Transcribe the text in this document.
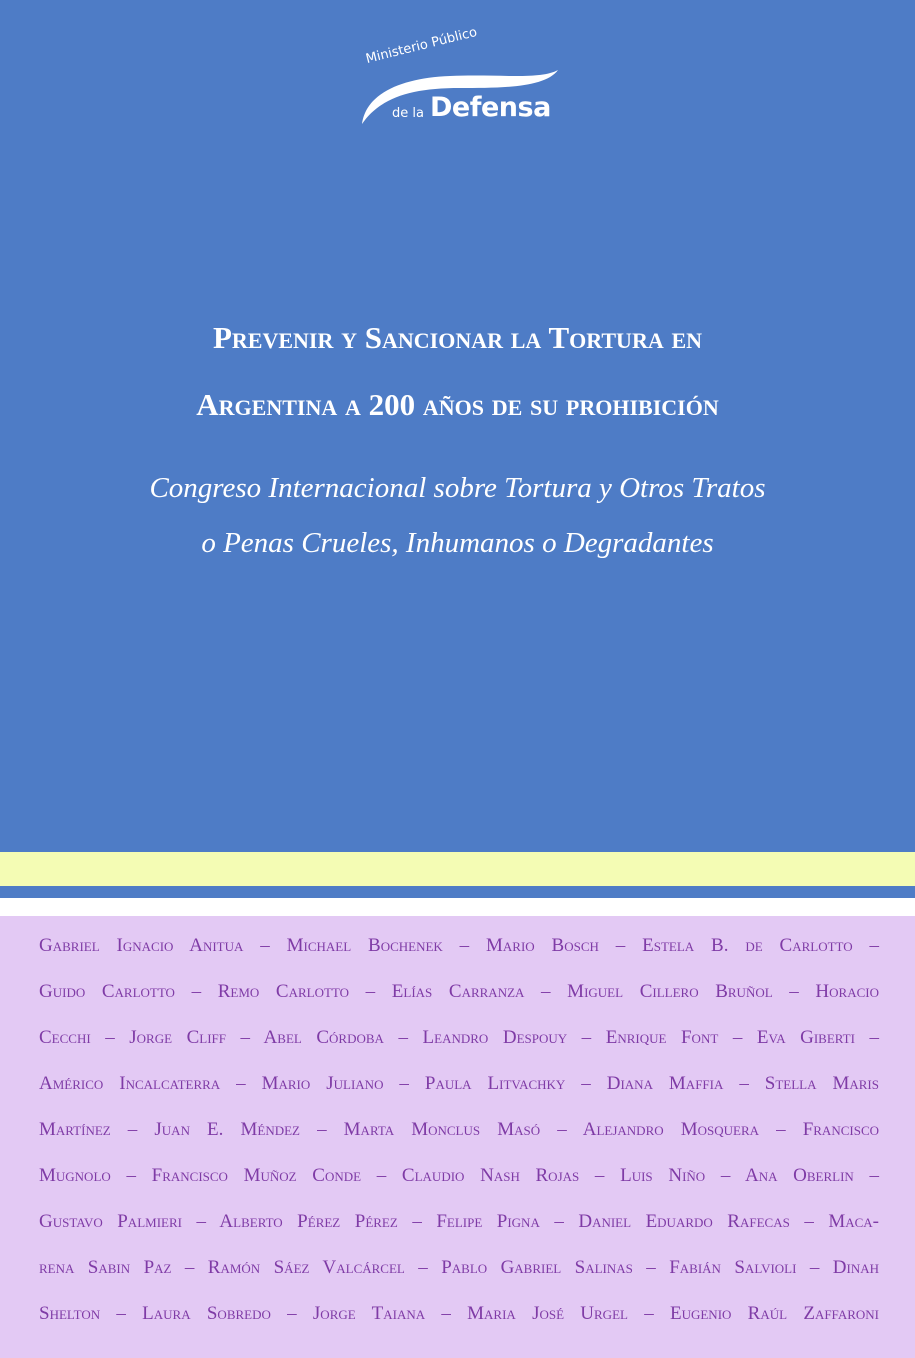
Ministerio Público
de la Defensa
Prevenir y Sancionar la Tortura en
Argentina a 200 años de su prohibición
Congreso Internacional sobre Tortura y Otros Tratos
o Penas Crueles, Inhumanos o Degradantes
Gabriel Ignacio Anitua – Michael Bochenek – Mario Bosch – Estela B. de Carlotto –
Guido Carlotto – Remo Carlotto – Elías Carranza – Miguel Cillero Bruñol – Horacio
Cecchi – Jorge Cliff – Abel Córdoba – Leandro Despouy – Enrique Font – Eva Giberti –
Américo Incalcaterra – Mario Juliano – Paula Litvachky – Diana Maffia – Stella Maris
Martínez – Juan E. Méndez – Marta Monclus Masó – Alejandro Mosquera – Francisco
Mugnolo – Francisco Muñoz Conde – Claudio Nash Rojas – Luis Niño – Ana Oberlin –
Gustavo Palmieri – Alberto Pérez Pérez – Felipe Pigna – Daniel Eduardo Rafecas – Maca-
rena Sabin Paz – Ramón Sáez Valcárcel – Pablo Gabriel Salinas – Fabián Salvioli – Dinah
Shelton – Laura Sobredo – Jorge Taiana – Maria José Urgel – Eugenio Raúl Zaffaroni
